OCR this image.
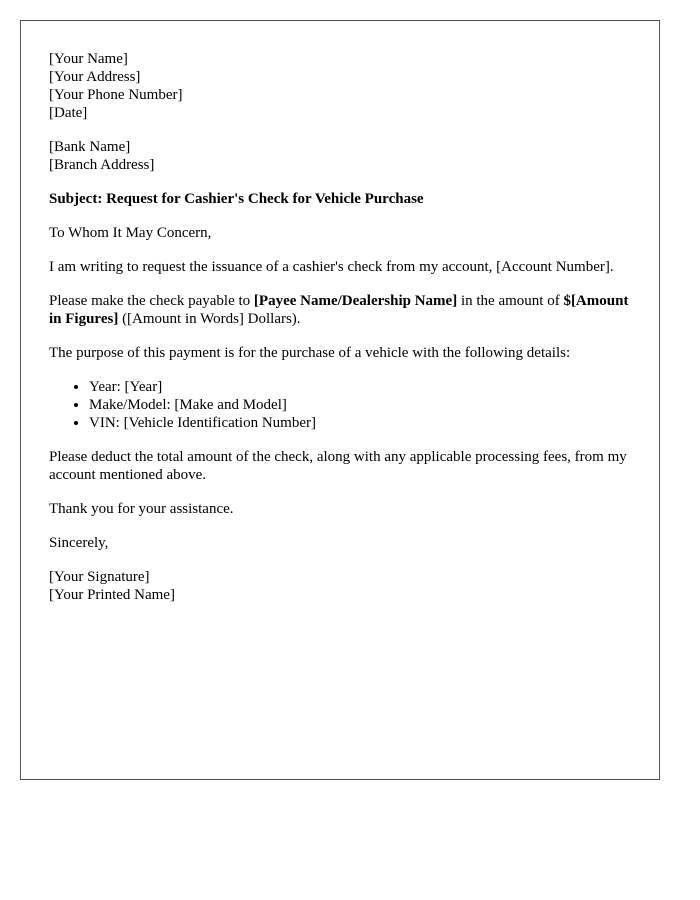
[Your Name]
[Your Address]
[Your Phone Number]
[Date]
[Bank Name]
[Branch Address]

Subject: Request for Cashier's Check for Vehicle Purchase

To Whom It May Concern,

I am writing to request the issuance of a cashier's check from my account, [Account Number].

Please make the check payable to [Payee Name/Dealership Name] in the amount of $[Amount in Figures] ([Amount in Words] Dollars).

The purpose of this payment is for the purchase of a vehicle with the following details:

• Year: [Year]
• Make/Model: [Make and Model]
• VIN: [Vehicle Identification Number]

Please deduct the total amount of the check, along with any applicable processing fees, from my account mentioned above.

Thank you for your assistance.

Sincerely,

[Your Signature]
[Your Printed Name]
